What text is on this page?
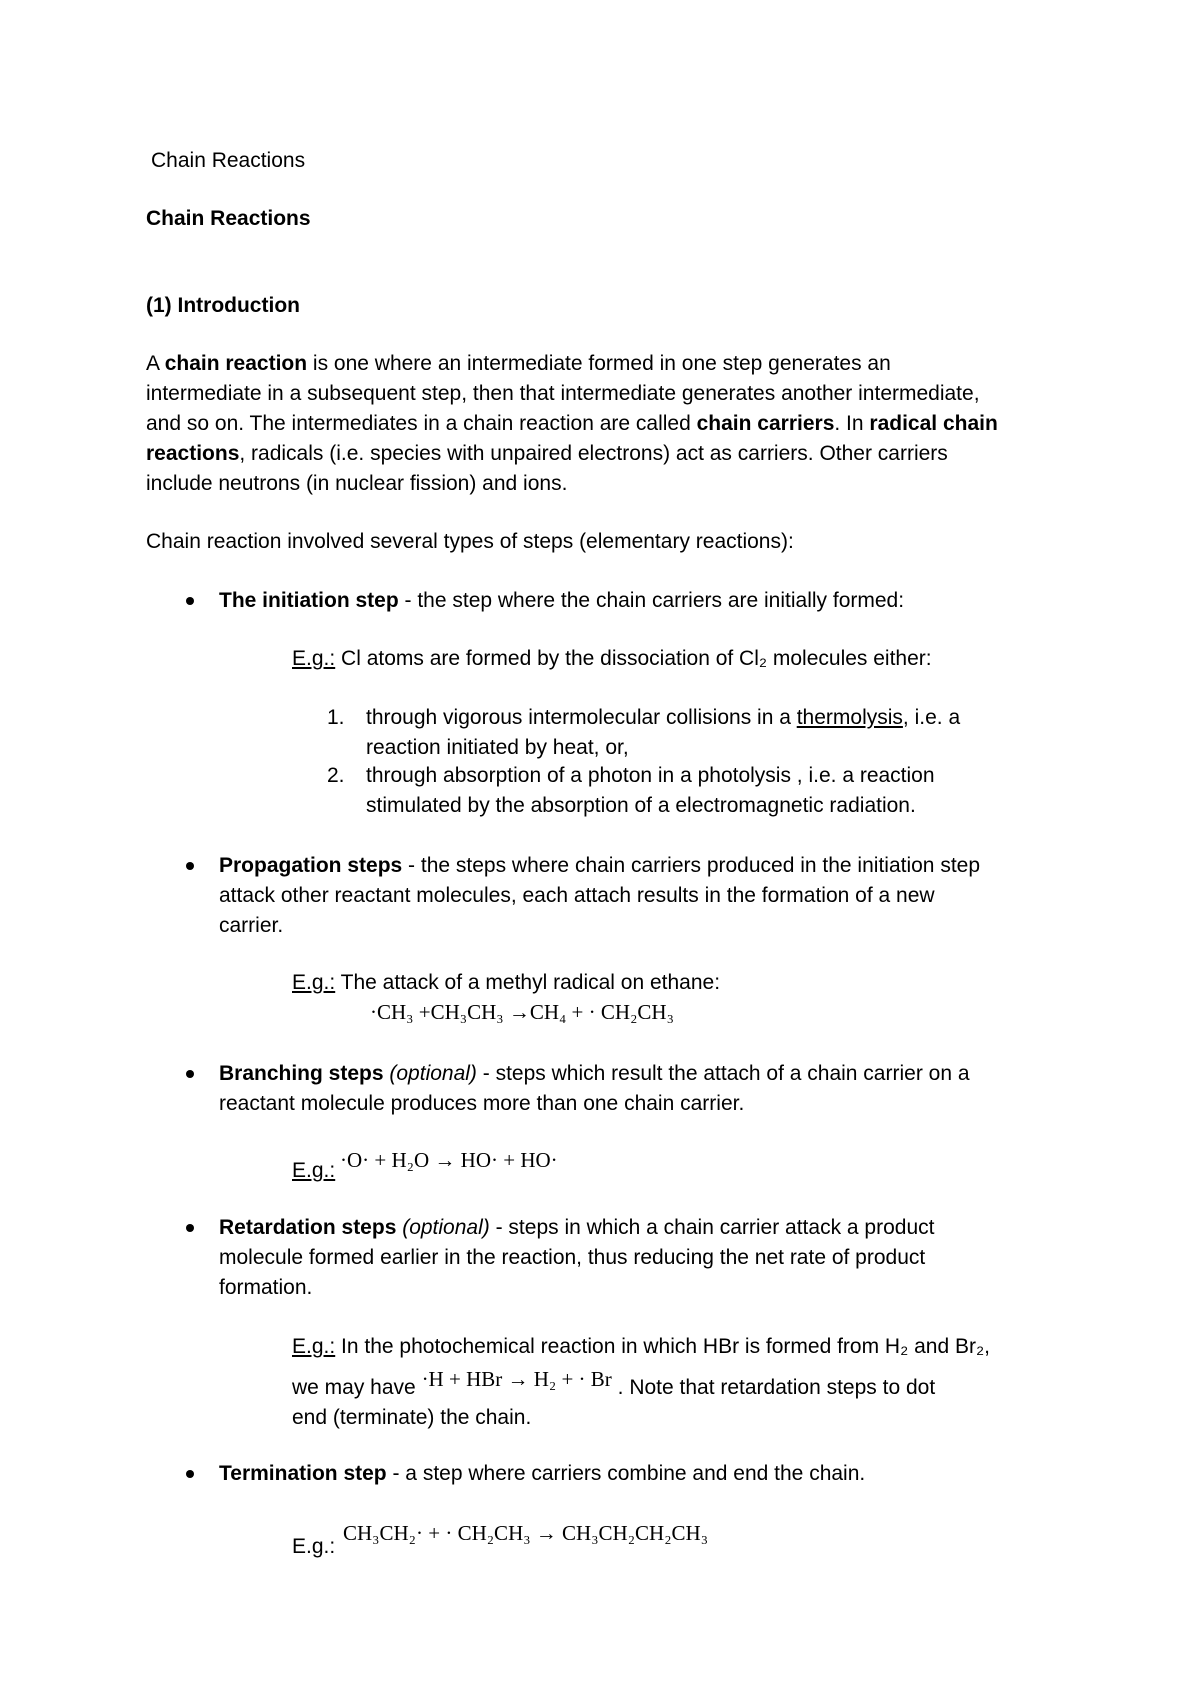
Chain Reactions
Chain Reactions
(1) Introduction
A chain reaction is one where an intermediate formed in one step generates an
intermediate in a subsequent step, then that intermediate generates another intermediate,
and so on. The intermediates in a chain reaction are called chain carriers. In radical chain
reactions, radicals (i.e. species with unpaired electrons) act as carriers. Other carriers
include neutrons (in nuclear fission) and ions.
Chain reaction involved several types of steps (elementary reactions):
The initiation step - the step where the chain carriers are initially formed:
E.g.: Cl atoms are formed by the dissociation of Cl₂ molecules either:
1. through vigorous intermolecular collisions in a thermolysis, i.e. a
reaction initiated by heat, or,
2. through absorption of a photon in a photolysis , i.e. a reaction
stimulated by the absorption of a electromagnetic radiation.
Propagation steps - the steps where chain carriers produced in the initiation step
attack other reactant molecules, each attach results in the formation of a new
carrier.
E.g.: The attack of a methyl radical on ethane:
·CH₃ +CH₃CH₃ →CH₄ + · CH₂CH₃
Branching steps (optional) - steps which result the attach of a chain carrier on a
reactant molecule produces more than one chain carrier.
E.g.: ·O· + H₂O → HO· + HO·
Retardation steps (optional) - steps in which a chain carrier attack a product
molecule formed earlier in the reaction, thus reducing the net rate of product
formation.
E.g.: In the photochemical reaction in which HBr is formed from H₂ and Br₂,
we may have ·H + HBr → H₂ + · Br . Note that retardation steps to dot
end (terminate) the chain.
Termination step - a step where carriers combine and end the chain.
E.g.:
CH₃CH₂· + · CH₂CH₃ → CH₃CH₂CH₂CH₃
